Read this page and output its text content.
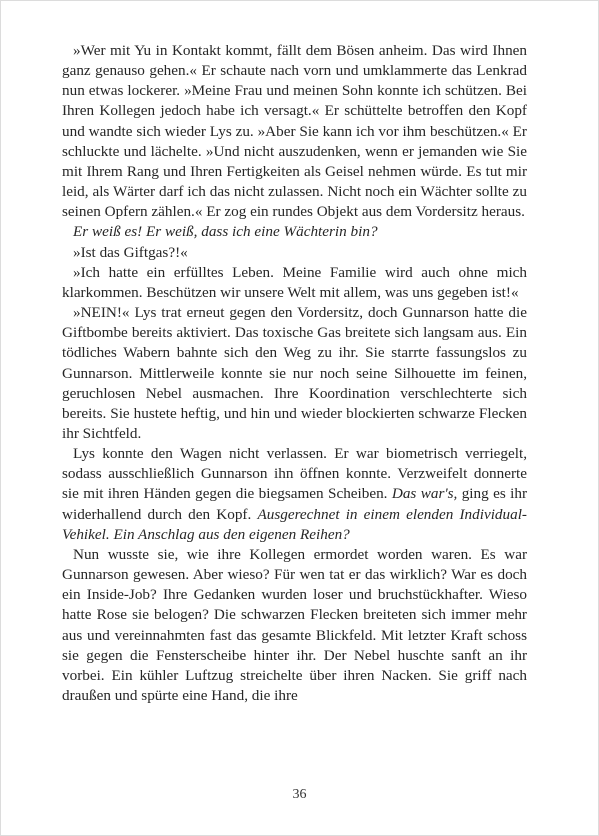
»Wer mit Yu in Kontakt kommt, fällt dem Bösen anheim. Das wird Ihnen ganz genauso gehen.« Er schaute nach vorn und umklammerte das Lenkrad nun etwas lockerer. »Meine Frau und meinen Sohn konnte ich schützen. Bei Ihren Kollegen jedoch habe ich versagt.« Er schüttelte betroffen den Kopf und wandte sich wieder Lys zu. »Aber Sie kann ich vor ihm beschützen.« Er schluckte und lächelte. »Und nicht auszudenken, wenn er jemanden wie Sie mit Ihrem Rang und Ihren Fertigkeiten als Geisel nehmen würde. Es tut mir leid, als Wärter darf ich das nicht zulassen. Nicht noch ein Wächter sollte zu seinen Opfern zählen.« Er zog ein rundes Objekt aus dem Vordersitz heraus.

Er weiß es! Er weiß, dass ich eine Wächterin bin?

»Ist das Giftgas?!«

»Ich hatte ein erfülltes Leben. Meine Familie wird auch ohne mich klarkommen. Beschützen wir unsere Welt mit allem, was uns gegeben ist!«

»NEIN!« Lys trat erneut gegen den Vordersitz, doch Gunnarson hatte die Giftbombe bereits aktiviert. Das toxische Gas breitete sich langsam aus. Ein tödliches Wabern bahnte sich den Weg zu ihr. Sie starrte fassungslos zu Gunnarson. Mittlerweile konnte sie nur noch seine Silhouette im feinen, geruchlosen Nebel ausmachen. Ihre Koordination verschlechterte sich bereits. Sie hustete heftig, und hin und wieder blockierten schwarze Flecken ihr Sichtfeld.

Lys konnte den Wagen nicht verlassen. Er war biometrisch verriegelt, sodass ausschließlich Gunnarson ihn öffnen konnte. Verzweifelt donnerte sie mit ihren Händen gegen die biegsamen Scheiben. Das war's, ging es ihr widerhallend durch den Kopf. Ausgerechnet in einem elenden Individual-Vehikel. Ein Anschlag aus den eigenen Reihen?

Nun wusste sie, wie ihre Kollegen ermordet worden waren. Es war Gunnarson gewesen. Aber wieso? Für wen tat er das wirklich? War es doch ein Inside-Job? Ihre Gedanken wurden loser und bruchstückhafter. Wieso hatte Rose sie belogen? Die schwarzen Flecken breiteten sich immer mehr aus und vereinnahmten fast das gesamte Blickfeld. Mit letzter Kraft schoss sie gegen die Fensterscheibe hinter ihr. Der Nebel huschte sanft an ihr vorbei. Ein kühler Luftzug streichelte über ihren Nacken. Sie griff nach draußen und spürte eine Hand, die ihre

36
